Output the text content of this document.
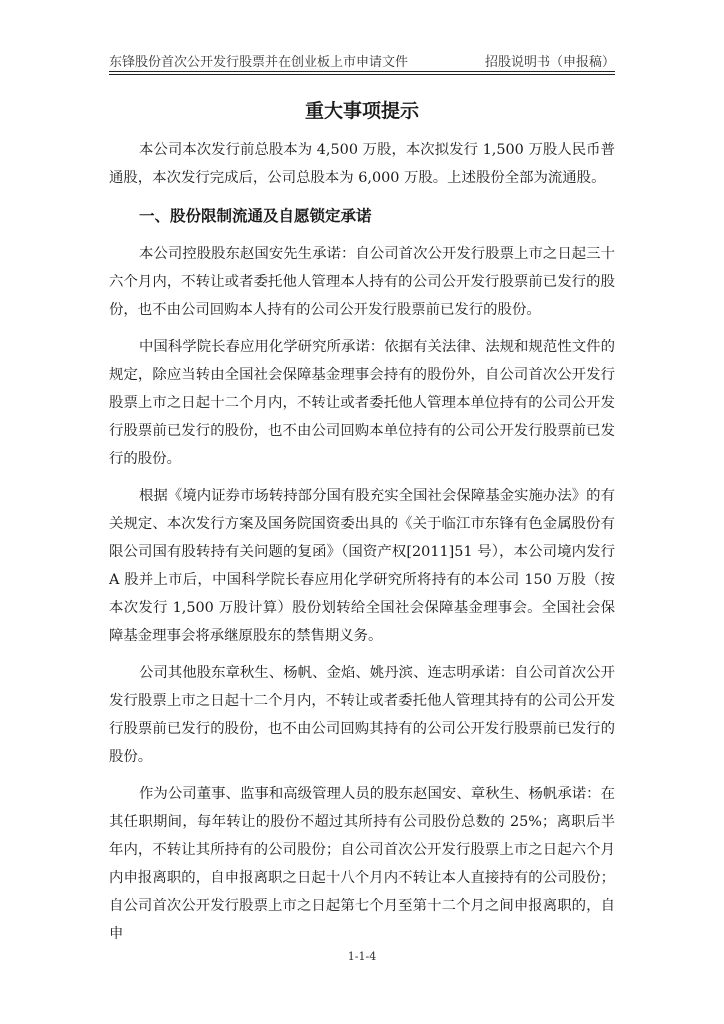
东锋股份首次公开发行股票并在创业板上市申请文件	招股说明书（申报稿）
重大事项提示

本公司本次发行前总股本为 4,500 万股，本次拟发行 1,500 万股人民币普通股，本次发行完成后，公司总股本为 6,000 万股。上述股份全部为流通股。

一、股份限制流通及自愿锁定承诺

本公司控股股东赵国安先生承诺：自公司首次公开发行股票上市之日起三十六个月内，不转让或者委托他人管理本人持有的公司公开发行股票前已发行的股份，也不由公司回购本人持有的公司公开发行股票前已发行的股份。

中国科学院长春应用化学研究所承诺：依据有关法律、法规和规范性文件的规定，除应当转由全国社会保障基金理事会持有的股份外，自公司首次公开发行股票上市之日起十二个月内，不转让或者委托他人管理本单位持有的公司公开发行股票前已发行的股份，也不由公司回购本单位持有的公司公开发行股票前已发行的股份。

根据《境内证券市场转持部分国有股充实全国社会保障基金实施办法》的有关规定、本次发行方案及国务院国资委出具的《关于临江市东锋有色金属股份有限公司国有股转持有关问题的复函》（国资产权[2011]51 号），本公司境内发行 A 股并上市后，中国科学院长春应用化学研究所将持有的本公司 150 万股（按本次发行 1,500 万股计算）股份划转给全国社会保障基金理事会。全国社会保障基金理事会将承继原股东的禁售期义务。

公司其他股东章秋生、杨帆、金焰、姚丹滨、连志明承诺：自公司首次公开发行股票上市之日起十二个月内，不转让或者委托他人管理其持有的公司公开发行股票前已发行的股份，也不由公司回购其持有的公司公开发行股票前已发行的股份。

作为公司董事、监事和高级管理人员的股东赵国安、章秋生、杨帆承诺：在其任职期间，每年转让的股份不超过其所持有公司股份总数的 25%；离职后半年内，不转让其所持有的公司股份；自公司首次公开发行股票上市之日起六个月内申报离职的，自申报离职之日起十八个月内不转让本人直接持有的公司股份；自公司首次公开发行股票上市之日起第七个月至第十二个月之间申报离职的，自申

1-1-4
